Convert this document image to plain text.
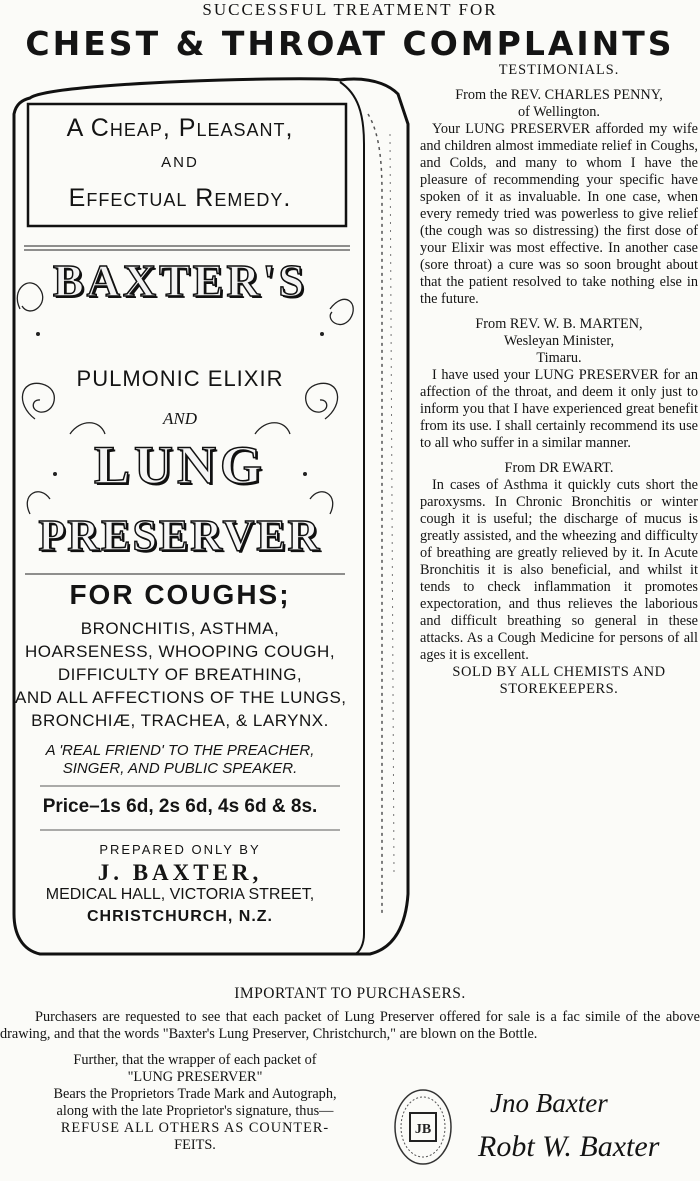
SUCCESSFUL TREATMENT FOR
CHEST & THROAT COMPLAINTS
A Cheap, Pleasant,
AND
Effectual Remedy.
BAXTER'S
PULMONIC ELIXIR
AND
LUNG
PRESERVER
FOR COUGHS;
BRONCHITIS, ASTHMA,
HOARSENESS, WHOOPING COUGH,
DIFFICULTY OF BREATHING,
AND ALL AFFECTIONS OF THE LUNGS,
BRONCHIÆ, TRACHEA, & LARYNX.
A 'REAL FRIEND' TO THE PREACHER, SINGER, AND PUBLIC SPEAKER.
Price–1s 6d, 2s 6d, 4s 6d & 8s.
PREPARED ONLY BY
J. BAXTER,
MEDICAL HALL, VICTORIA STREET,
CHRISTCHURCH, N.Z.

TESTIMONIALS.

From the REV. CHARLES PENNY,

of Wellington.

Your LUNG PRESERVER afforded my wife and children almost immediate relief in Coughs, and Colds, and many to whom I have the pleasure of recommending your specific have spoken of it as invaluable. In one case, when every remedy tried was powerless to give relief (the cough was so distressing) the first dose of your Elixir was most effective. In another case (sore throat) a cure was so soon brought about that the patient resolved to take nothing else in the future.

From REV. W. B. MARTEN,

Wesleyan Minister,

Timaru.

I have used your LUNG PRESERVER for an affection of the throat, and deem it only just to inform you that I have experienced great benefit from its use. I shall certainly recommend its use to all who suffer in a similar manner.

From DR EWART.

In cases of Asthma it quickly cuts short the paroxysms. In Chronic Bronchitis or winter cough it is useful; the discharge of mucus is greatly assisted, and the wheezing and difficulty of breathing are greatly relieved by it. In Acute Bronchitis it is also beneficial, and whilst it tends to check inflammation it promotes expectoration, and thus relieves the laborious and difficult breathing so general in these attacks. As a Cough Medicine for persons of all ages it is excellent.

SOLD BY ALL CHEMISTS AND
STOREKEEPERS.

IMPORTANT TO PURCHASERS.

Purchasers are requested to see that each packet of Lung Preserver offered for sale is a fac simile of the above drawing, and that the words "Baxter's Lung Preserver, Christchurch," are blown on the Bottle.

Further, that the wrapper of each packet of

"LUNG PRESERVER"

Bears the Proprietors Trade Mark and Autograph,

along with the late Proprietor's signature, thus—

REFUSE ALL OTHERS AS COUNTER-

FEITS.

JB
Jno Baxter
Robt W. Baxter
